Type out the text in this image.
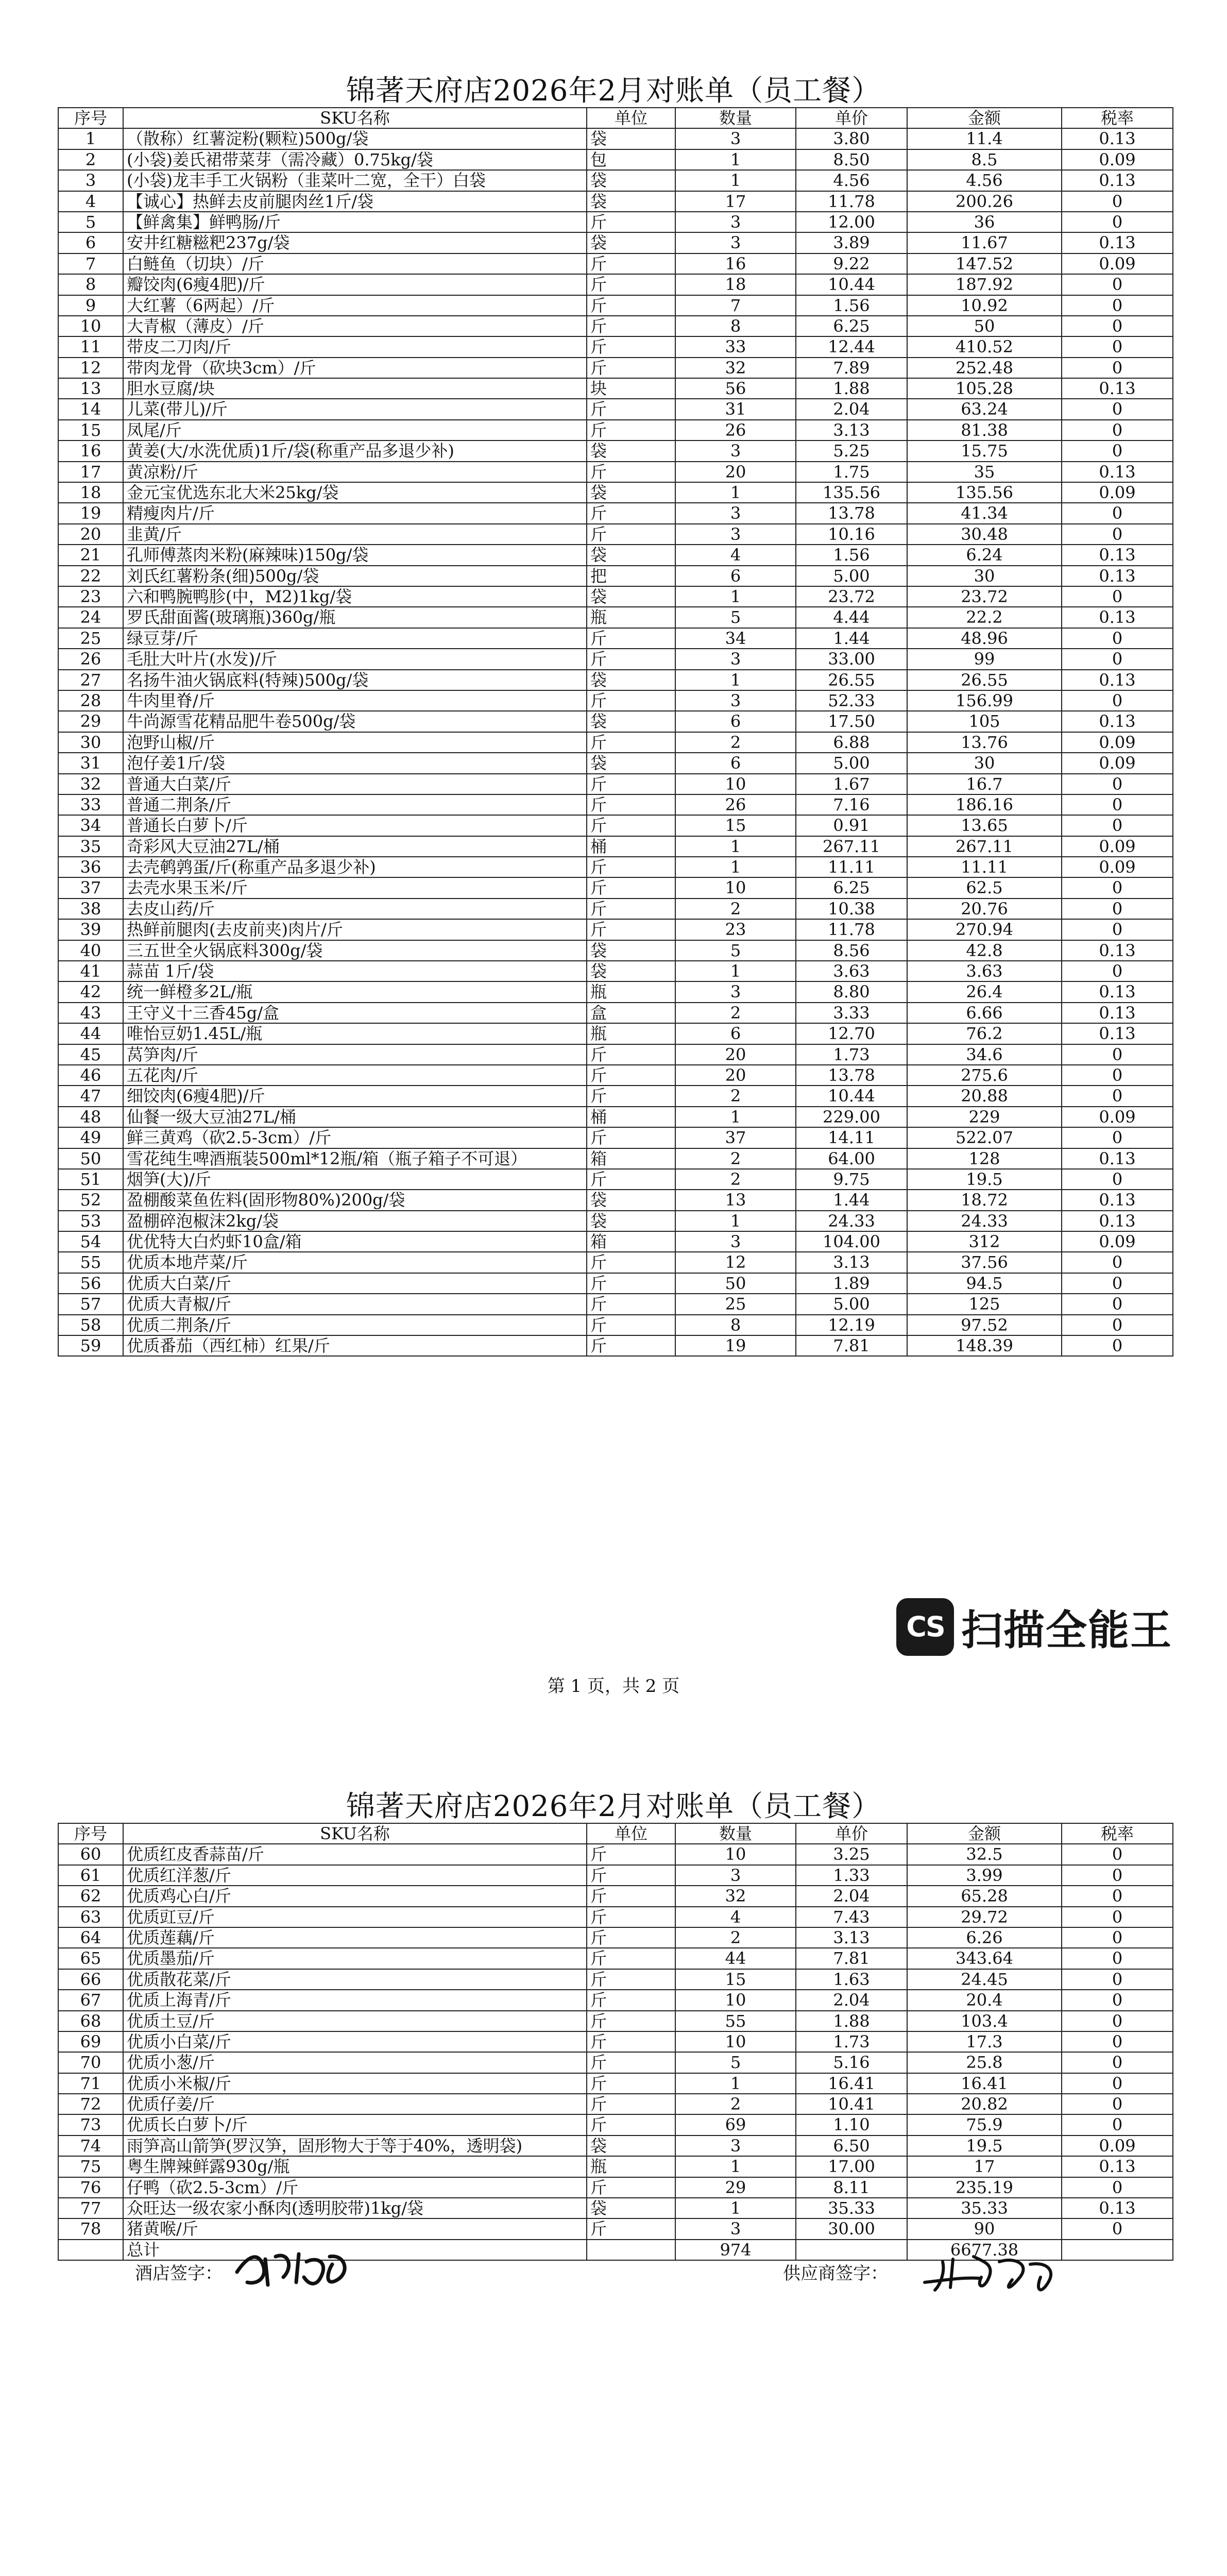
锦著天府店2026年2月对账单（员工餐）
序号	SKU名称	单位	数量	单价	金额	税率
1	（散称）红薯淀粉(颗粒)500g/袋	袋	3	3.80	11.4	0.13
2	(小袋)姜氏裙带菜芽（需冷藏）0.75kg/袋	包	1	8.50	8.5	0.09
3	(小袋)龙丰手工火锅粉（韭菜叶二宽，全干）白袋	袋	1	4.56	4.56	0.13
4	【诚心】热鲜去皮前腿肉丝1斤/袋	袋	17	11.78	200.26	0
5	【鲜禽集】鲜鸭肠/斤	斤	3	12.00	36	0
6	安井红糖糍粑237g/袋	袋	3	3.89	11.67	0.13
7	白鲢鱼（切块）/斤	斤	16	9.22	147.52	0.09
8	瓣饺肉(6瘦4肥)/斤	斤	18	10.44	187.92	0
9	大红薯（6两起）/斤	斤	7	1.56	10.92	0
10	大青椒（薄皮）/斤	斤	8	6.25	50	0
11	带皮二刀肉/斤	斤	33	12.44	410.52	0
12	带肉龙骨（砍块3cm）/斤	斤	32	7.89	252.48	0
13	胆水豆腐/块	块	56	1.88	105.28	0.13
14	儿菜(带儿)/斤	斤	31	2.04	63.24	0
15	凤尾/斤	斤	26	3.13	81.38	0
16	黄姜(大/水洗优质)1斤/袋(称重产品多退少补)	袋	3	5.25	15.75	0
17	黄凉粉/斤	斤	20	1.75	35	0.13
18	金元宝优选东北大米25kg/袋	袋	1	135.56	135.56	0.09
19	精瘦肉片/斤	斤	3	13.78	41.34	0
20	韭黄/斤	斤	3	10.16	30.48	0
21	孔师傅蒸肉米粉(麻辣味)150g/袋	袋	4	1.56	6.24	0.13
22	刘氏红薯粉条(细)500g/袋	把	6	5.00	30	0.13
23	六和鸭腕鸭胗(中，M2)1kg/袋	袋	1	23.72	23.72	0
24	罗氏甜面酱(玻璃瓶)360g/瓶	瓶	5	4.44	22.2	0.13
25	绿豆芽/斤	斤	34	1.44	48.96	0
26	毛肚大叶片(水发)/斤	斤	3	33.00	99	0
27	名扬牛油火锅底料(特辣)500g/袋	袋	1	26.55	26.55	0.13
28	牛肉里脊/斤	斤	3	52.33	156.99	0
29	牛尚源雪花精品肥牛卷500g/袋	袋	6	17.50	105	0.13
30	泡野山椒/斤	斤	2	6.88	13.76	0.09
31	泡仔姜1斤/袋	袋	6	5.00	30	0.09
32	普通大白菜/斤	斤	10	1.67	16.7	0
33	普通二荆条/斤	斤	26	7.16	186.16	0
34	普通长白萝卜/斤	斤	15	0.91	13.65	0
35	奇彩风大豆油27L/桶	桶	1	267.11	267.11	0.09
36	去壳鹌鹑蛋/斤(称重产品多退少补)	斤	1	11.11	11.11	0.09
37	去壳水果玉米/斤	斤	10	6.25	62.5	0
38	去皮山药/斤	斤	2	10.38	20.76	0
39	热鲜前腿肉(去皮前夹)肉片/斤	斤	23	11.78	270.94	0
40	三五世全火锅底料300g/袋	袋	5	8.56	42.8	0.13
41	蒜苗 1斤/袋	袋	1	3.63	3.63	0
42	统一鲜橙多2L/瓶	瓶	3	8.80	26.4	0.13
43	王守义十三香45g/盒	盒	2	3.33	6.66	0.13
44	唯怡豆奶1.45L/瓶	瓶	6	12.70	76.2	0.13
45	莴笋肉/斤	斤	20	1.73	34.6	0
46	五花肉/斤	斤	20	13.78	275.6	0
47	细饺肉(6瘦4肥)/斤	斤	2	10.44	20.88	0
48	仙餐一级大豆油27L/桶	桶	1	229.00	229	0.09
49	鲜三黄鸡（砍2.5-3cm）/斤	斤	37	14.11	522.07	0
50	雪花纯生啤酒瓶装500ml*12瓶/箱（瓶子箱子不可退）	箱	2	64.00	128	0.13
51	烟笋(大)/斤	斤	2	9.75	19.5	0
52	盈棚酸菜鱼佐料(固形物80%)200g/袋	袋	13	1.44	18.72	0.13
53	盈棚碎泡椒沫2kg/袋	袋	1	24.33	24.33	0.13
54	优优特大白灼虾10盒/箱	箱	3	104.00	312	0.09
55	优质本地芹菜/斤	斤	12	3.13	37.56	0
56	优质大白菜/斤	斤	50	1.89	94.5	0
57	优质大青椒/斤	斤	25	5.00	125	0
58	优质二荆条/斤	斤	8	12.19	97.52	0
59	优质番茄（西红柿）红果/斤	斤	19	7.81	148.39	0
CS 扫描全能王
第 1 页，共 2 页
锦著天府店2026年2月对账单（员工餐）
序号	SKU名称	单位	数量	单价	金额	税率
60	优质红皮香蒜苗/斤	斤	10	3.25	32.5	0
61	优质红洋葱/斤	斤	3	1.33	3.99	0
62	优质鸡心白/斤	斤	32	2.04	65.28	0
63	优质豇豆/斤	斤	4	7.43	29.72	0
64	优质莲藕/斤	斤	2	3.13	6.26	0
65	优质墨茄/斤	斤	44	7.81	343.64	0
66	优质散花菜/斤	斤	15	1.63	24.45	0
67	优质上海青/斤	斤	10	2.04	20.4	0
68	优质土豆/斤	斤	55	1.88	103.4	0
69	优质小白菜/斤	斤	10	1.73	17.3	0
70	优质小葱/斤	斤	5	5.16	25.8	0
71	优质小米椒/斤	斤	1	16.41	16.41	0
72	优质仔姜/斤	斤	2	10.41	20.82	0
73	优质长白萝卜/斤	斤	69	1.10	75.9	0
74	雨笋高山箭笋(罗汉笋，固形物大于等于40%，透明袋)	袋	3	6.50	19.5	0.09
75	粤生牌辣鲜露930g/瓶	瓶	1	17.00	17	0.13
76	仔鸭（砍2.5-3cm）/斤	斤	29	8.11	235.19	0
77	众旺达一级农家小酥肉(透明胶带)1kg/袋	袋	1	35.33	35.33	0.13
78	猪黄喉/斤	斤	3	30.00	90	0
	总计		974		6677.38	
酒店签字：	供应商签字：
